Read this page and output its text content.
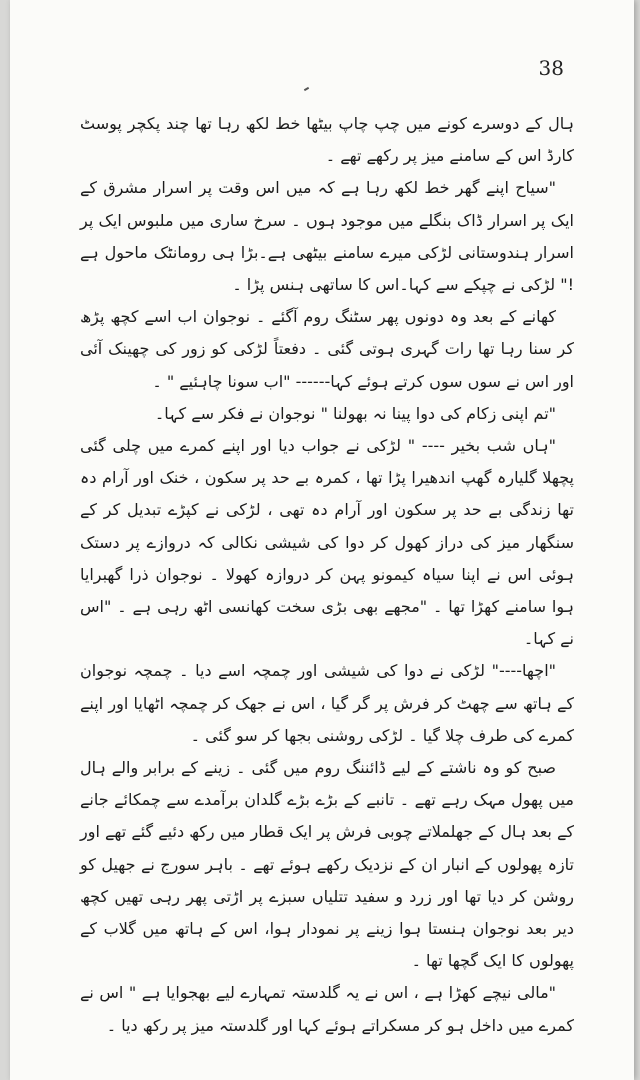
38

ہال کے دوسرے کونے میں چپ چاپ بیٹھا خط لکھ رہا تھا چند پکچر پوسٹ کارڈ اس کے سامنے میز پر رکھے تھے ۔

"سیاح اپنے گھر خط لکھ رہا ہے کہ میں اس وقت پر اسرار مشرق کے ایک پر اسرار ڈاک بنگلے میں موجود ہوں ۔ سرخ ساری میں ملبوس ایک پر اسرار ہندوستانی لڑکی میرے سامنے بیٹھی ہے۔بڑا ہی رومانٹک ماحول ہے !" لڑکی نے چپکے سے کہا۔اس کا ساتھی ہنس پڑا ۔

کھانے کے بعد وہ دونوں پھر سٹنگ روم آگئے ۔ نوجوان اب اسے کچھ پڑھ کر سنا رہا تھا رات گہری ہوتی گئی ۔ دفعتاً لڑکی کو زور کی چھینک آئی اور اس نے سوں سوں کرتے ہوئے کہا------ "اب سونا چاہئیے " ۔

"تم اپنی زکام کی دوا پینا نہ بھولنا " نوجوان نے فکر سے کہا۔

"ہاں شب بخیر ---- " لڑکی نے جواب دیا اور اپنے کمرے میں چلی گئی پچھلا گلیارہ گھپ اندھیرا پڑا تھا ، کمرہ بے حد پر سکون ، خنک اور آرام دہ تھا زندگی بے حد پر سکون اور آرام دہ تھی ، لڑکی نے کپڑے تبدیل کر کے سنگھار میز کی دراز کھول کر دوا کی شیشی نکالی کہ دروازے پر دستک ہوئی اس نے اپنا سیاہ کیمونو پہن کر دروازہ کھولا ۔ نوجوان ذرا گھبرایا ہوا سامنے کھڑا تھا ۔ "مجھے بھی بڑی سخت کھانسی اٹھ رہی ہے ۔ "اس نے کہا۔

"اچھا----" لڑکی نے دوا کی شیشی اور چمچہ اسے دیا ۔ چمچہ نوجوان کے ہاتھ سے چھٹ کر فرش پر گر گیا ، اس نے جھک کر چمچہ اٹھایا اور اپنے کمرے کی طرف چلا گیا ۔ لڑکی روشنی بجھا کر سو گئی ۔

صبح کو وہ ناشتے کے لیے ڈائننگ روم میں گئی ۔ زینے کے برابر والے ہال میں پھول مہک رہے تھے ۔ تانبے کے بڑے بڑے گلدان برآمدے سے چمکائے جانے کے بعد ہال کے جھلملاتے چوبی فرش پر ایک قطار میں رکھ دئیے گئے تھے اور تازہ پھولوں کے انبار ان کے نزدیک رکھے ہوئے تھے ۔ باہر سورج نے جھیل کو روشن کر دیا تھا اور زرد و سفید تتلیاں سبزے پر اڑتی پھر رہی تھیں کچھ دیر بعد نوجوان ہنستا ہوا زینے پر نمودار ہوا، اس کے ہاتھ میں گلاب کے پھولوں کا ایک گچھا تھا ۔

"مالی نیچے کھڑا ہے ، اس نے یہ گلدستہ تمہارے لیے بھجوایا ہے " اس نے کمرے میں داخل ہو کر مسکراتے ہوئے کہا اور گلدستہ میز پر رکھ دیا ۔
